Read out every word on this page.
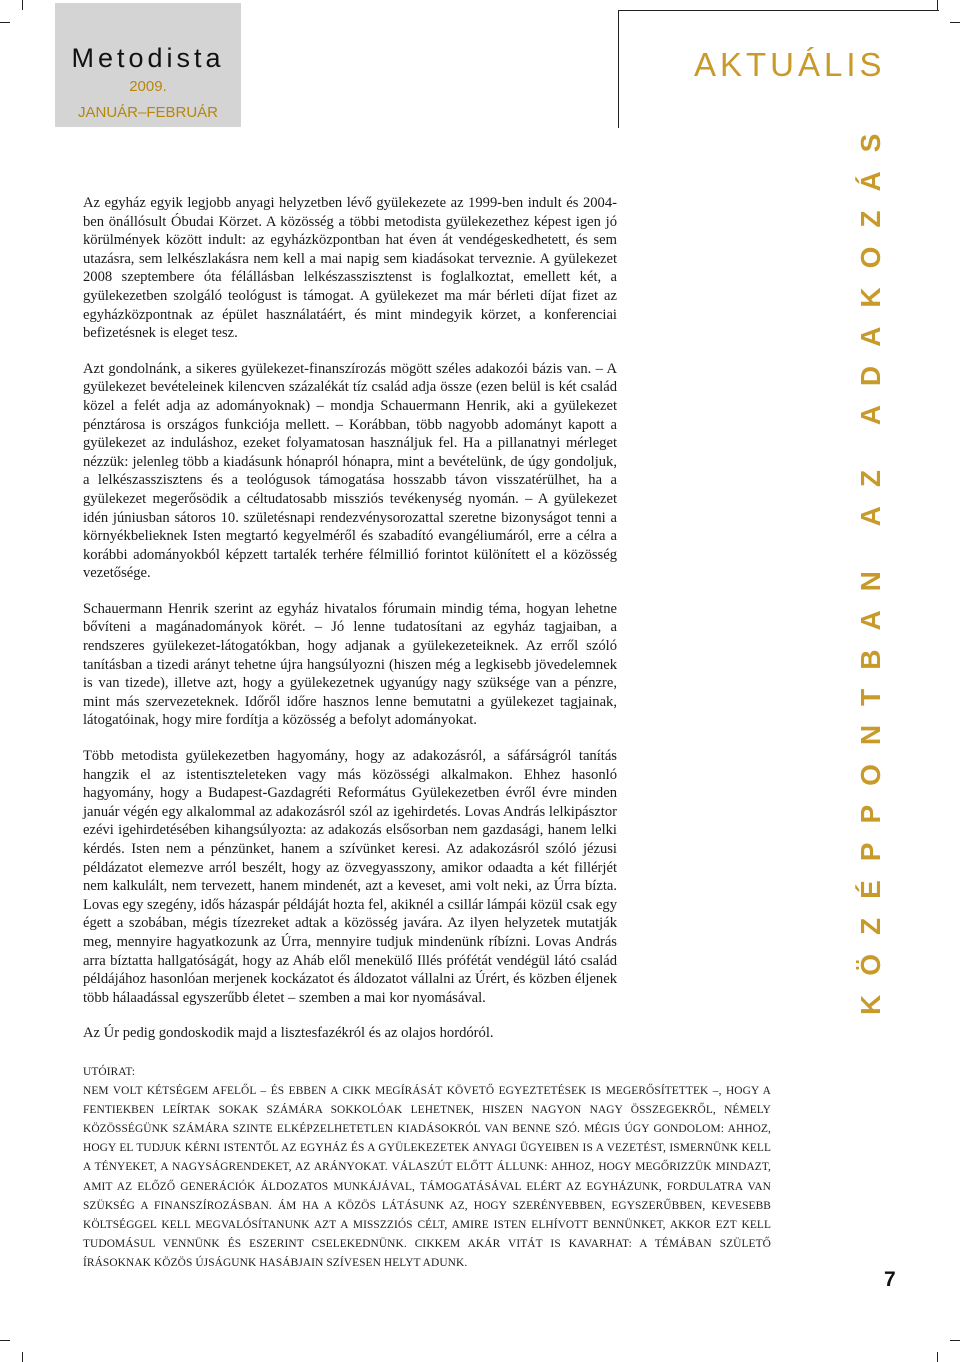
Metodista
2009.
JANUÁR–FEBRUÁR
AKTUÁLIS

Az egyház egyik legjobb anyagi helyzetben lévő gyülekezete az 1999-ben indult és 2004-ben önállósult Óbudai Körzet. A közösség a többi metodista gyülekezethez képest igen jó körülmények között indult: az egyházközpontban hat éven át vendégeskedhetett, és sem utazásra, sem lelkészlakásra nem kell a mai napig sem kiadásokat terveznie. A gyülekezet 2008 szeptembere óta félállásban lelkészasszisztenst is foglalkoztat, emellett két, a gyülekezetben szolgáló teológust is támogat. A gyülekezet ma már bérleti díjat fizet az egyházközpontnak az épület használatáért, és mint mindegyik körzet, a konferenciai befizetésnek is eleget tesz.

Azt gondolnánk, a sikeres gyülekezet-finanszírozás mögött széles adakozói bázis van. – A gyülekezet bevételeinek kilencven százalékát tíz család adja össze (ezen belül is két család közel a felét adja az adományoknak) – mondja Schauermann Henrik, aki a gyülekezet pénztárosa is országos funkciója mellett. – Korábban, több nagyobb adományt kapott a gyülekezet az induláshoz, ezeket folyamatosan használjuk fel. Ha a pillanatnyi mérleget nézzük: jelenleg több a kiadásunk hónapról hónapra, mint a bevételünk, de úgy gondoljuk, a lelkészasszisztens és a teológusok támogatása hosszabb távon visszatérülhet, ha a gyülekezet megerősödik a céltudatosabb missziós tevékenység nyomán. – A gyülekezet idén júniusban sátoros 10. születésnapi rendezvénysorozattal szeretne bizonyságot tenni a környékbelieknek Isten megtartó kegyelméről és szabadító evangéliumáról, erre a célra a korábbi adományokból képzett tartalék terhére félmillió forintot különített el a közösség vezetősége.

Schauermann Henrik szerint az egyház hivatalos fórumain mindig téma, hogyan lehetne bővíteni a magánadományok körét. – Jó lenne tudatosítani az egyház tagjaiban, a rendszeres gyülekezet-látogatókban, hogy adjanak a gyülekezeteiknek. Az erről szóló tanításban a tizedi arányt tehetne újra hangsúlyozni (hiszen még a legkisebb jövedelemnek is van tizede), illetve azt, hogy a gyülekezetnek ugyanúgy nagy szüksége van a pénzre, mint más szervezeteknek. Időről időre hasznos lenne bemutatni a gyülekezet tagjainak, látogatóinak, hogy mire fordítja a közösség a befolyt adományokat.

Több metodista gyülekezetben hagyomány, hogy az adakozásról, a sáfárságról tanítás hangzik el az istentiszteleteken vagy más közösségi alkalmakon. Ehhez hasonló hagyomány, hogy a Budapest-Gazdagréti Református Gyülekezetben évről évre minden január végén egy alkalommal az adakozásról szól az igehirdetés. Lovas András lelkipásztor ezévi igehirdetésében kihangsúlyozta: az adakozás elsősorban nem gazdasági, hanem lelki kérdés. Isten nem a pénzünket, hanem a szívünket keresi. Az adakozásról szóló jézusi példázatot elemezve arról beszélt, hogy az özvegyasszony, amikor odaadta a két fillérjét nem kalkulált, nem tervezett, hanem mindenét, azt a keveset, ami volt neki, az Úrra bízta. Lovas egy szegény, idős házaspár példáját hozta fel, akiknél a csillár lámpái közül csak egy égett a szobában, mégis tízezreket adtak a közösség javára. Az ilyen helyzetek mutatják meg, mennyire hagyatkozunk az Úrra, mennyire tudjuk mindenünk ríbízni. Lovas András arra bíztatta hallgatóságát, hogy az Aháb elől menekülő Illés prófétát vendégül látó család példájához hasonlóan merjenek kockázatot és áldozatot vállalni az Úrért, és közben éljenek több hálaadással egyszerűbb életet – szemben a mai kor nyomásával.

Az Úr pedig gondoskodik majd a lisztesfazékról és az olajos hordóról.

UTÓIRAT:
NEM VOLT KÉTSÉGEM AFELŐL – ÉS EBBEN A CIKK MEGÍRÁSÁT KÖVETŐ EGYEZTETÉSEK IS MEGERŐSÍTETTEK –, HOGY A FENTIEKBEN LEÍRTAK SOKAK SZÁMÁRA SOKKOLÓAK LEHETNEK, HISZEN NAGYON NAGY ÖSSZEGEKRŐL, NÉMELY KÖZÖSSÉGÜNK SZÁMÁRA SZINTE ELKÉPZELHETETLEN KIADÁSOKRÓL VAN BENNE SZÓ. MÉGIS ÚGY GONDOLOM: AHHOZ, HOGY EL TUDJUK KÉRNI ISTENTŐL AZ EGYHÁZ ÉS A GYÜLEKEZETEK ANYAGI ÜGYEIBEN IS A VEZETÉST, ISMERNÜNK KELL A TÉNYEKET, A NAGYSÁGRENDEKET, AZ ARÁNYOKAT. VÁLASZÚT ELŐTT ÁLLUNK: AHHOZ, HOGY MEGŐRIZZÜK MINDAZT, AMIT AZ ELŐZŐ GENERÁCIÓK ÁLDOZATOS MUNKÁJÁVAL, TÁMOGATÁSÁVAL ELÉRT AZ EGYHÁZUNK, FORDULATRA VAN SZÜKSÉG A FINANSZÍROZÁSBAN. ÁM HA A KÖZÖS LÁTÁSUNK AZ, HOGY SZERÉNYEBBEN, EGYSZERŰBBEN, KEVESEBB KÖLTSÉGGEL KELL MEGVALÓSÍTANUNK AZT A MISSZZIÓS CÉLT, AMIRE ISTEN ELHÍVOTT BENNÜNKET, AKKOR EZT KELL TUDOMÁSUL VENNÜNK ÉS ESZERINT CSELEKEDNÜNK. CIKKEM AKÁR VITÁT IS KAVARHAT: A TÉMÁBAN SZÜLETŐ ÍRÁSOKNAK KÖZÖS ÚJSÁGUNK HASÁBJAIN SZÍVESEN HELYT ADUNK.
KÖZÉPPONTBAN AZ ADAKOZÁS
7
